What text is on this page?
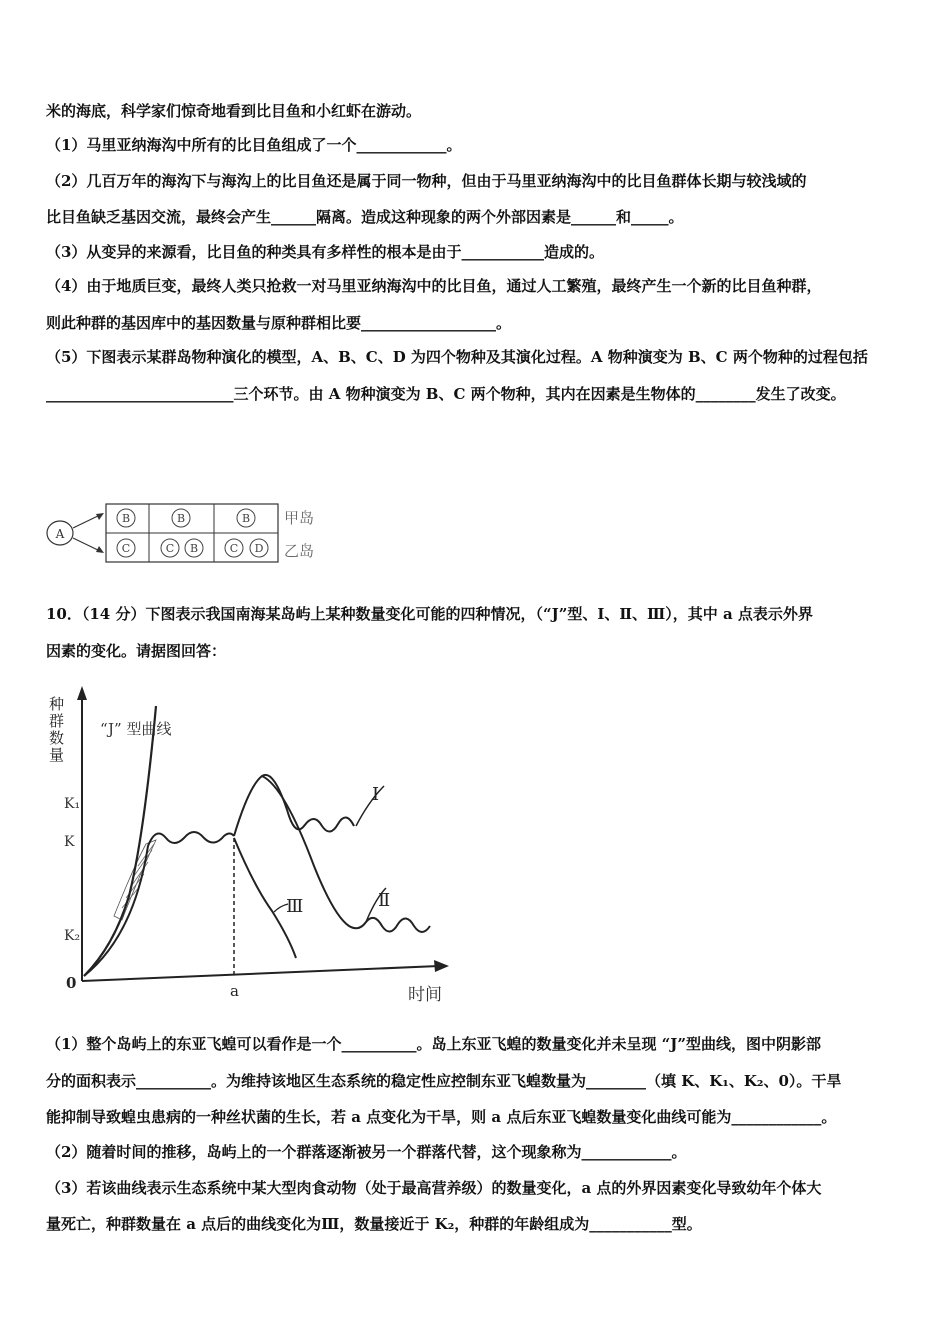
米的海底，科学家们惊奇地看到比目鱼和小红虾在游动。
（1）马里亚纳海沟中所有的比目鱼组成了一个____________。
（2）几百万年的海沟下与海沟上的比目鱼还是属于同一物种，但由于马里亚纳海沟中的比目鱼群体长期与较浅域的
比目鱼缺乏基因交流，最终会产生______隔离。造成这种现象的两个外部因素是______和_____。
（3）从变异的来源看，比目鱼的种类具有多样性的根本是由于___________造成的。
（4）由于地质巨变，最终人类只抢救一对马里亚纳海沟中的比目鱼，通过人工繁殖，最终产生一个新的比目鱼种群，
则此种群的基因库中的基因数量与原种群相比要__________________。
（5）下图表示某群岛物种演化的模型，A、B、C、D 为四个物种及其演化过程。A 物种演变为 B、C 两个物种的过程包括
_________________________三个环节。由 A 物种演变为 B、C 两个物种，其内在因素是生物体的________发生了改变。
A
B	B	B
C	C B	C D
甲岛
乙岛
10．（14 分）下图表示我国南海某岛屿上某种数量变化可能的四种情况，（“J”型、Ⅰ、Ⅱ、Ⅲ），其中 a 点表示外界
因素的变化。请据图回答：
种群数量
0	a	时间
K₁
K
K₂
“J” 型曲线
Ⅰ
Ⅱ
Ⅲ
（1）整个岛屿上的东亚飞蝗可以看作是一个__________。岛上东亚飞蝗的数量变化并未呈现 “J”型曲线，图中阴影部
分的面积表示__________。为维持该地区生态系统的稳定性应控制东亚飞蝗数量为________（填 K、K₁、K₂、0）。干旱
能抑制导致蝗虫患病的一种丝状菌的生长，若 a 点变化为干旱，则 a 点后东亚飞蝗数量变化曲线可能为____________。
（2）随着时间的推移，岛屿上的一个群落逐渐被另一个群落代替，这个现象称为____________。
（3）若该曲线表示生态系统中某大型肉食动物（处于最高营养级）的数量变化，a 点的外界因素变化导致幼年个体大
量死亡，种群数量在 a 点后的曲线变化为Ⅲ，数量接近于 K₂，种群的年龄组成为___________型。
